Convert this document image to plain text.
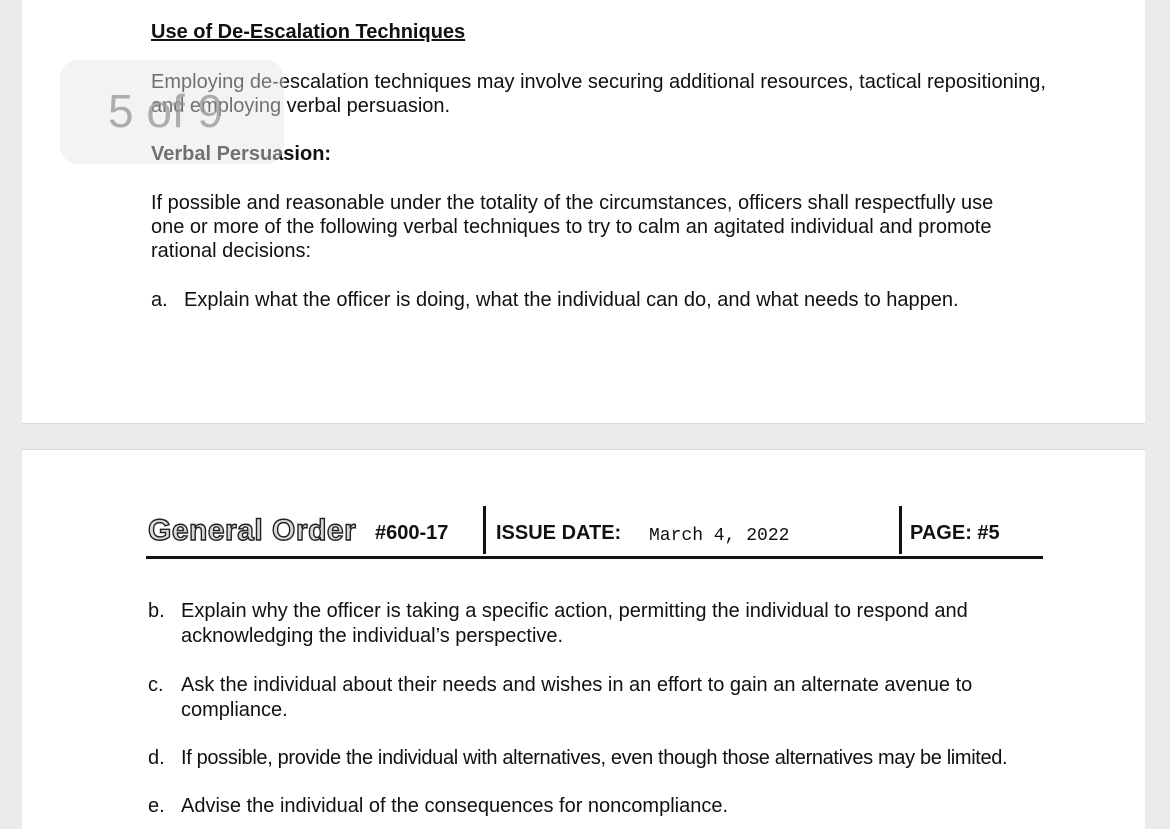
Use of De-Escalation Techniques

Employing de-escalation techniques may involve securing additional resources, tactical repositioning,
and employing verbal persuasion.

Verbal Persuasion:

If possible and reasonable under the totality of the circumstances, officers shall respectfully use
one or more of the following verbal techniques to try to calm an agitated individual and promote
rational decisions:
a. Explain what the officer is doing, what the individual can do, and what needs to happen.
5 of 9
General Order #600-17 ISSUE DATE: March 4, 2022	PAGE: #5
b. Explain why the officer is taking a specific action, permitting the individual to respond and
acknowledging the individual’s perspective.
c. Ask the individual about their needs and wishes in an effort to gain an alternate avenue to
compliance.
d. If possible, provide the individual with alternatives, even though those alternatives may be limited.
e. Advise the individual of the consequences for noncompliance.
